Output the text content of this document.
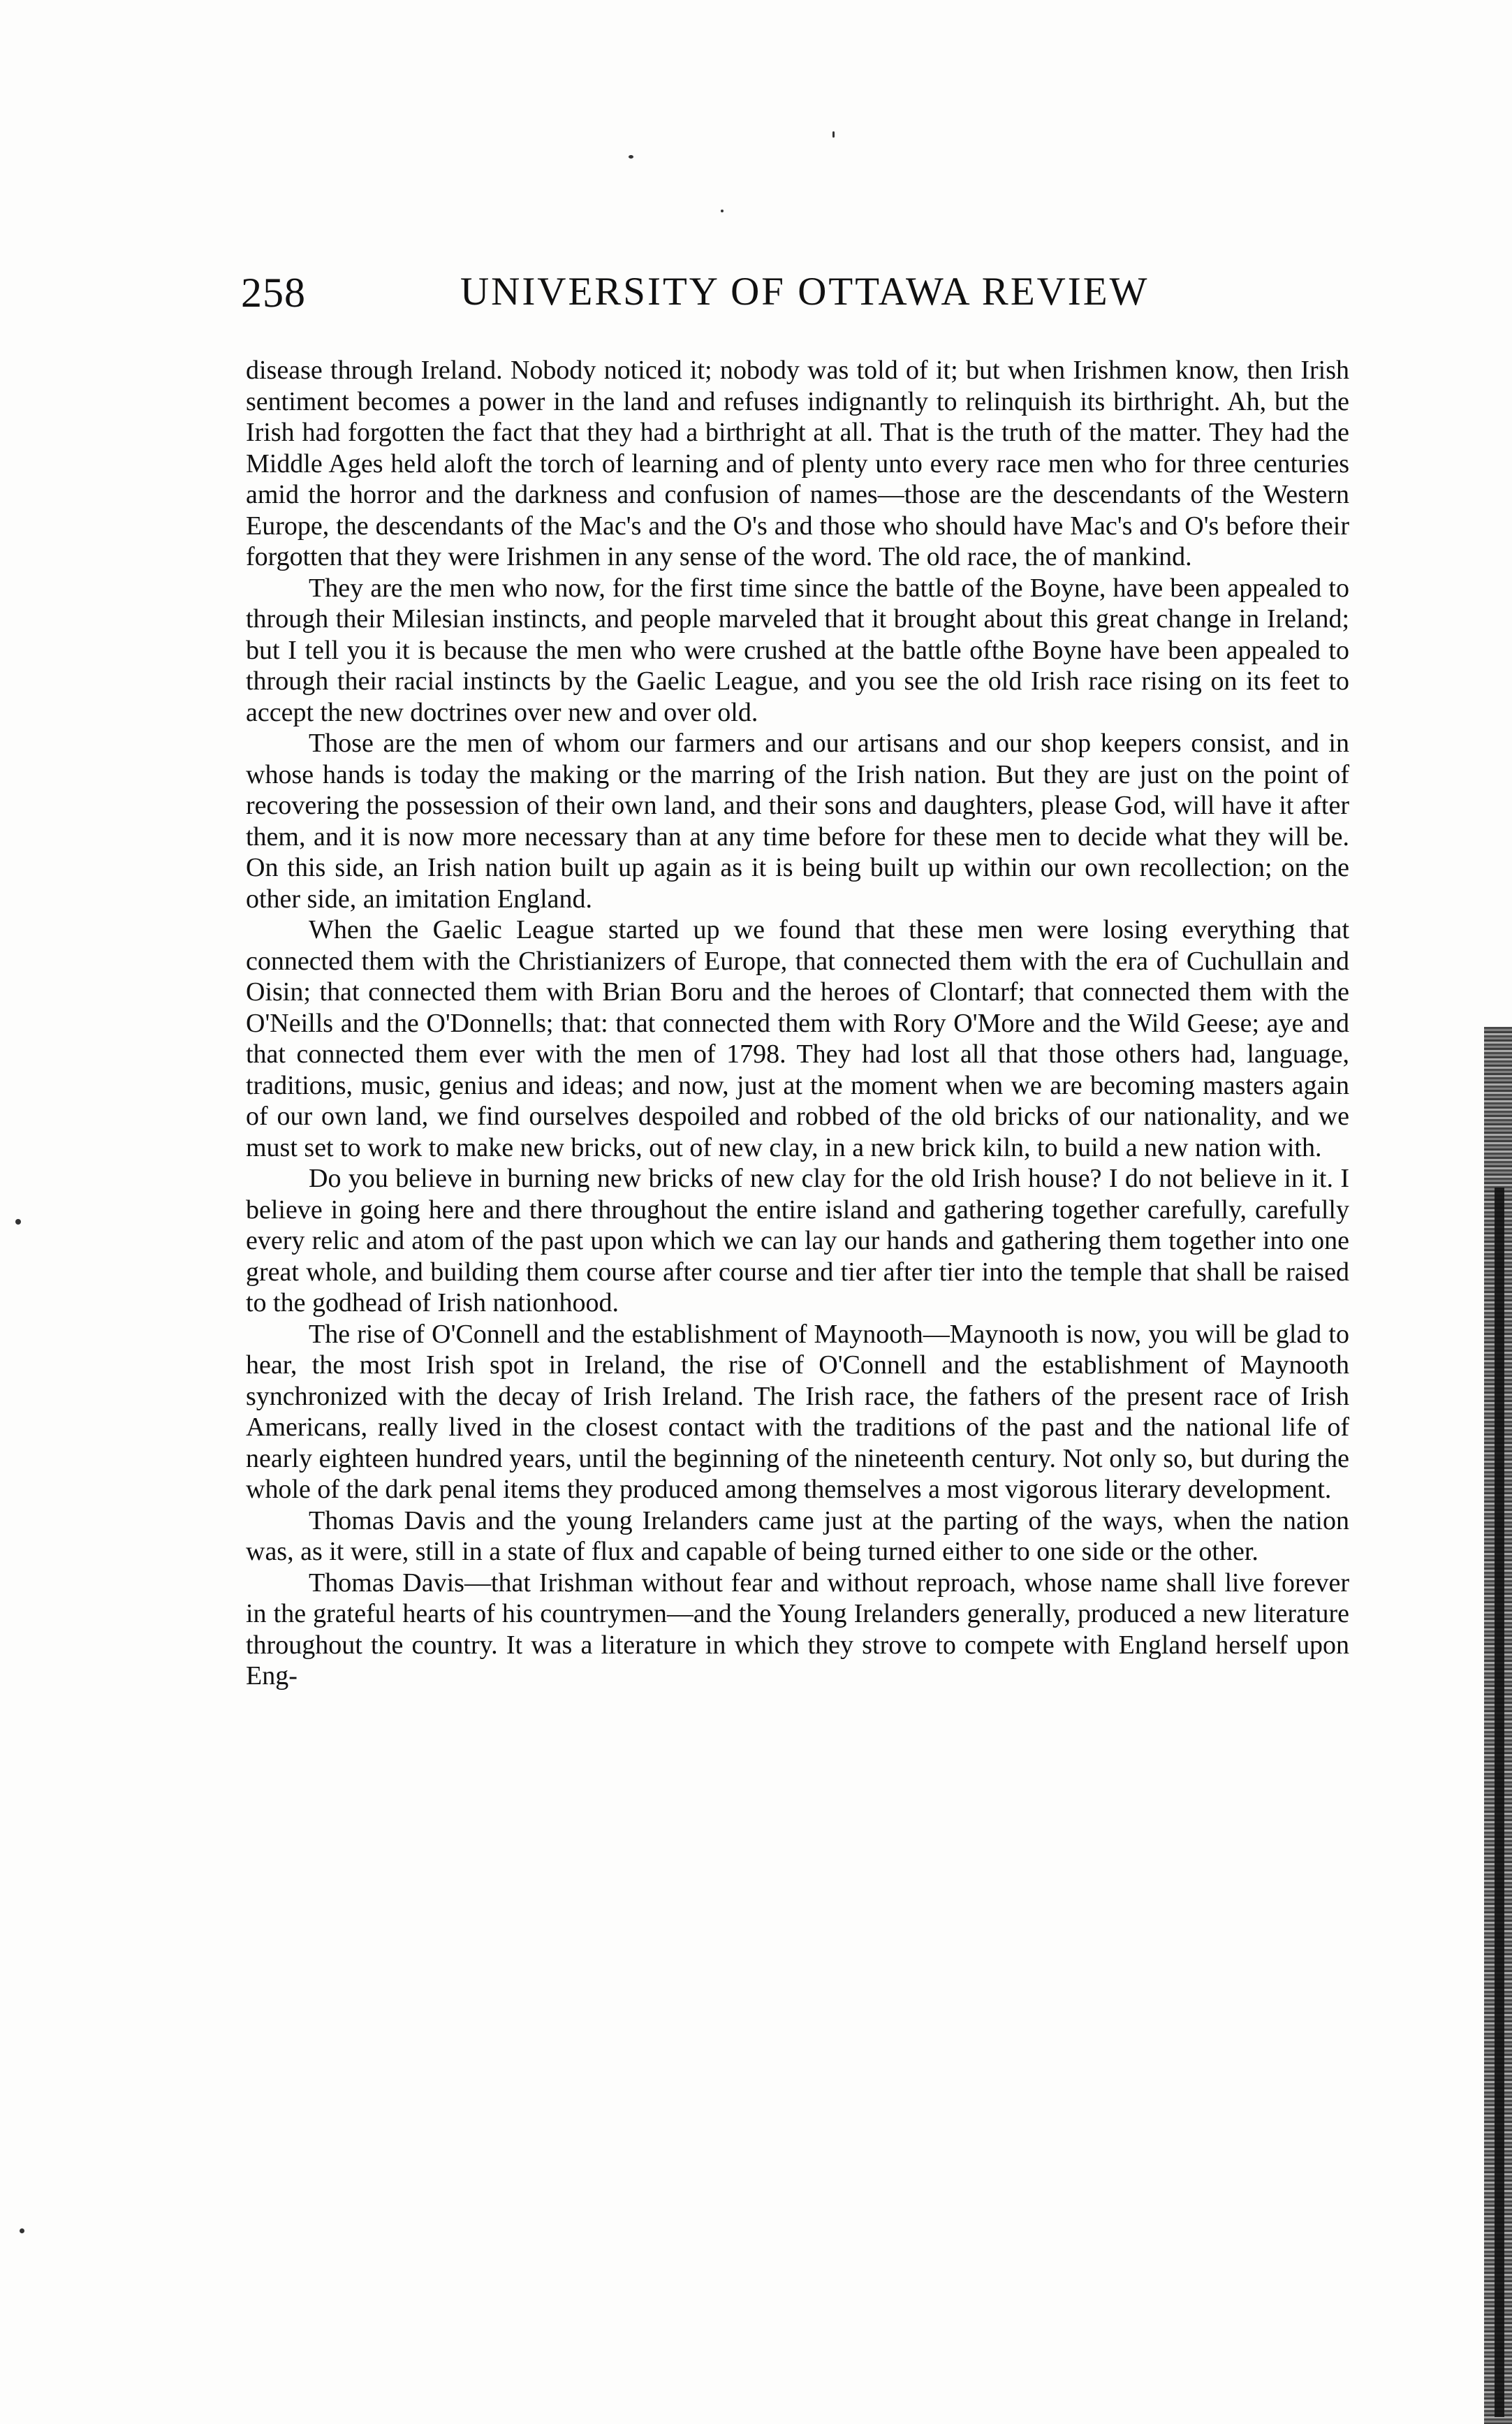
258	UNIVERSITY OF OTTAWA REVIEW

disease through Ireland. Nobody noticed it; nobody was told of it; but when Irishmen know, then Irish sentiment becomes a power in the land and refuses indignantly to relinquish its birthright. Ah, but the Irish had forgotten the fact that they had a birthright at all. That is the truth of the matter. They had the Middle Ages held aloft the torch of learning and of plenty unto every race men who for three centuries amid the horror and the darkness and confusion of names—those are the descendants of the Western Europe, the descendants of the Mac's and the O's and those who should have Mac's and O's before their forgotten that they were Irishmen in any sense of the word. The old race, the of mankind.

They are the men who now, for the first time since the battle of the Boyne, have been appealed to through their Milesian instincts, and people marveled that it brought about this great change in Ireland; but I tell you it is because the men who were crushed at the battle ofthe Boyne have been appealed to through their racial instincts by the Gaelic League, and you see the old Irish race rising on its feet to accept the new doctrines over new and over old.

Those are the men of whom our farmers and our artisans and our shop keepers consist, and in whose hands is today the making or the marring of the Irish nation. But they are just on the point of recovering the possession of their own land, and their sons and daughters, please God, will have it after them, and it is now more necessary than at any time before for these men to decide what they will be. On this side, an Irish nation built up again as it is being built up within our own recollection; on the other side, an imitation England.

When the Gaelic League started up we found that these men were losing everything that connected them with the Christianizers of Europe, that connected them with the era of Cuchullain and Oisin; that connected them with Brian Boru and the heroes of Clontarf; that connected them with the O'Neills and the O'Donnells; that: that connected them with Rory O'More and the Wild Geese; aye and that connected them ever with the men of 1798. They had lost all that those others had, language, traditions, music, genius and ideas; and now, just at the moment when we are becoming masters again of our own land, we find ourselves despoiled and robbed of the old bricks of our nationality, and we must set to work to make new bricks, out of new clay, in a new brick kiln, to build a new nation with.

Do you believe in burning new bricks of new clay for the old Irish house? I do not believe in it. I believe in going here and there throughout the entire island and gathering together carefully, carefully every relic and atom of the past upon which we can lay our hands and gathering them together into one great whole, and building them course after course and tier after tier into the temple that shall be raised to the godhead of Irish nationhood.

The rise of O'Connell and the establishment of Maynooth—Maynooth is now, you will be glad to hear, the most Irish spot in Ireland, the rise of O'Connell and the establishment of Maynooth synchronized with the decay of Irish Ireland. The Irish race, the fathers of the present race of Irish Americans, really lived in the closest contact with the traditions of the past and the national life of nearly eighteen hundred years, until the beginning of the nineteenth century. Not only so, but during the whole of the dark penal items they produced among themselves a most vigorous literary development.

Thomas Davis and the young Irelanders came just at the parting of the ways, when the nation was, as it were, still in a state of flux and capable of being turned either to one side or the other.

Thomas Davis—that Irishman without fear and without reproach, whose name shall live forever in the grateful hearts of his countrymen—and the Young Irelanders generally, produced a new literature throughout the country. It was a literature in which they strove to compete with England herself upon Eng-
